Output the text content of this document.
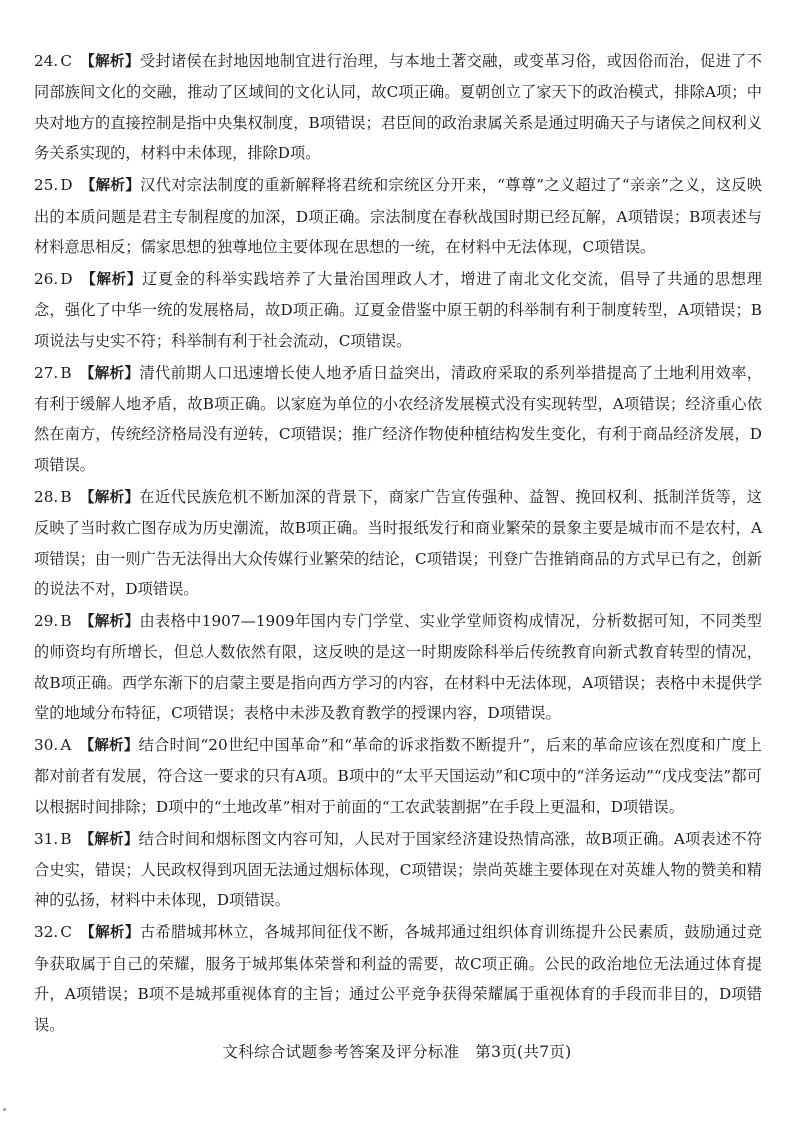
24. C 【解析】受封诸侯在封地因地制宜进行治理，与本地土著交融，或变革习俗，或因俗而治，促进了不同部族间文化的交融，推动了区域间的文化认同，故C项正确。夏朝创立了家天下的政治模式，排除A项；中央对地方的直接控制是指中央集权制度，B项错误；君臣间的政治隶属关系是通过明确天子与诸侯之间权利义务关系实现的，材料中未体现，排除D项。
25. D 【解析】汉代对宗法制度的重新解释将君统和宗统区分开来，“尊尊”之义超过了“亲亲”之义，这反映出的本质问题是君主专制程度的加深，D项正确。宗法制度在春秋战国时期已经瓦解，A项错误；B项表述与材料意思相反；儒家思想的独尊地位主要体现在思想的一统，在材料中无法体现，C项错误。
26. D 【解析】辽夏金的科举实践培养了大量治国理政人才，增进了南北文化交流，倡导了共通的思想理念，强化了中华一统的发展格局，故D项正确。辽夏金借鉴中原王朝的科举制有利于制度转型，A项错误；B项说法与史实不符；科举制有利于社会流动，C项错误。
27. B 【解析】清代前期人口迅速增长使人地矛盾日益突出，清政府采取的系列举措提高了土地利用效率，有利于缓解人地矛盾，故B项正确。以家庭为单位的小农经济发展模式没有实现转型，A项错误；经济重心依然在南方，传统经济格局没有逆转，C项错误；推广经济作物使种植结构发生变化，有利于商品经济发展，D项错误。
28. B 【解析】在近代民族危机不断加深的背景下，商家广告宣传强种、益智、挽回权利、抵制洋货等，这反映了当时救亡图存成为历史潮流，故B项正确。当时报纸发行和商业繁荣的景象主要是城市而不是农村，A项错误；由一则广告无法得出大众传媒行业繁荣的结论，C项错误；刊登广告推销商品的方式早已有之，创新的说法不对，D项错误。
29. B 【解析】由表格中1907—1909年国内专门学堂、实业学堂师资构成情况，分析数据可知，不同类型的师资均有所增长，但总人数依然有限，这反映的是这一时期废除科举后传统教育向新式教育转型的情况，故B项正确。西学东渐下的启蒙主要是指向西方学习的内容，在材料中无法体现，A项错误；表格中未提供学堂的地域分布特征，C项错误；表格中未涉及教育教学的授课内容，D项错误。
30. A 【解析】结合时间“20世纪中国革命”和“革命的诉求指数不断提升”，后来的革命应该在烈度和广度上都对前者有发展，符合这一要求的只有A项。B项中的“太平天国运动”和C项中的“洋务运动”“戊戌变法”都可以根据时间排除；D项中的“土地改革”相对于前面的“工农武装割据”在手段上更温和，D项错误。
31. B 【解析】结合时间和烟标图文内容可知，人民对于国家经济建设热情高涨，故B项正确。A项表述不符合史实，错误；人民政权得到巩固无法通过烟标体现，C项错误；崇尚英雄主要体现在对英雄人物的赞美和精神的弘扬，材料中未体现，D项错误。
32. C 【解析】古希腊城邦林立，各城邦间征伐不断，各城邦通过组织体育训练提升公民素质，鼓励通过竞争获取属于自己的荣耀，服务于城邦集体荣誉和利益的需要，故C项正确。公民的政治地位无法通过体育提升，A项错误；B项不是城邦重视体育的主旨；通过公平竞争获得荣耀属于重视体育的手段而非目的，D项错误。
文科综合试题参考答案及评分标准　第3页(共7页)
